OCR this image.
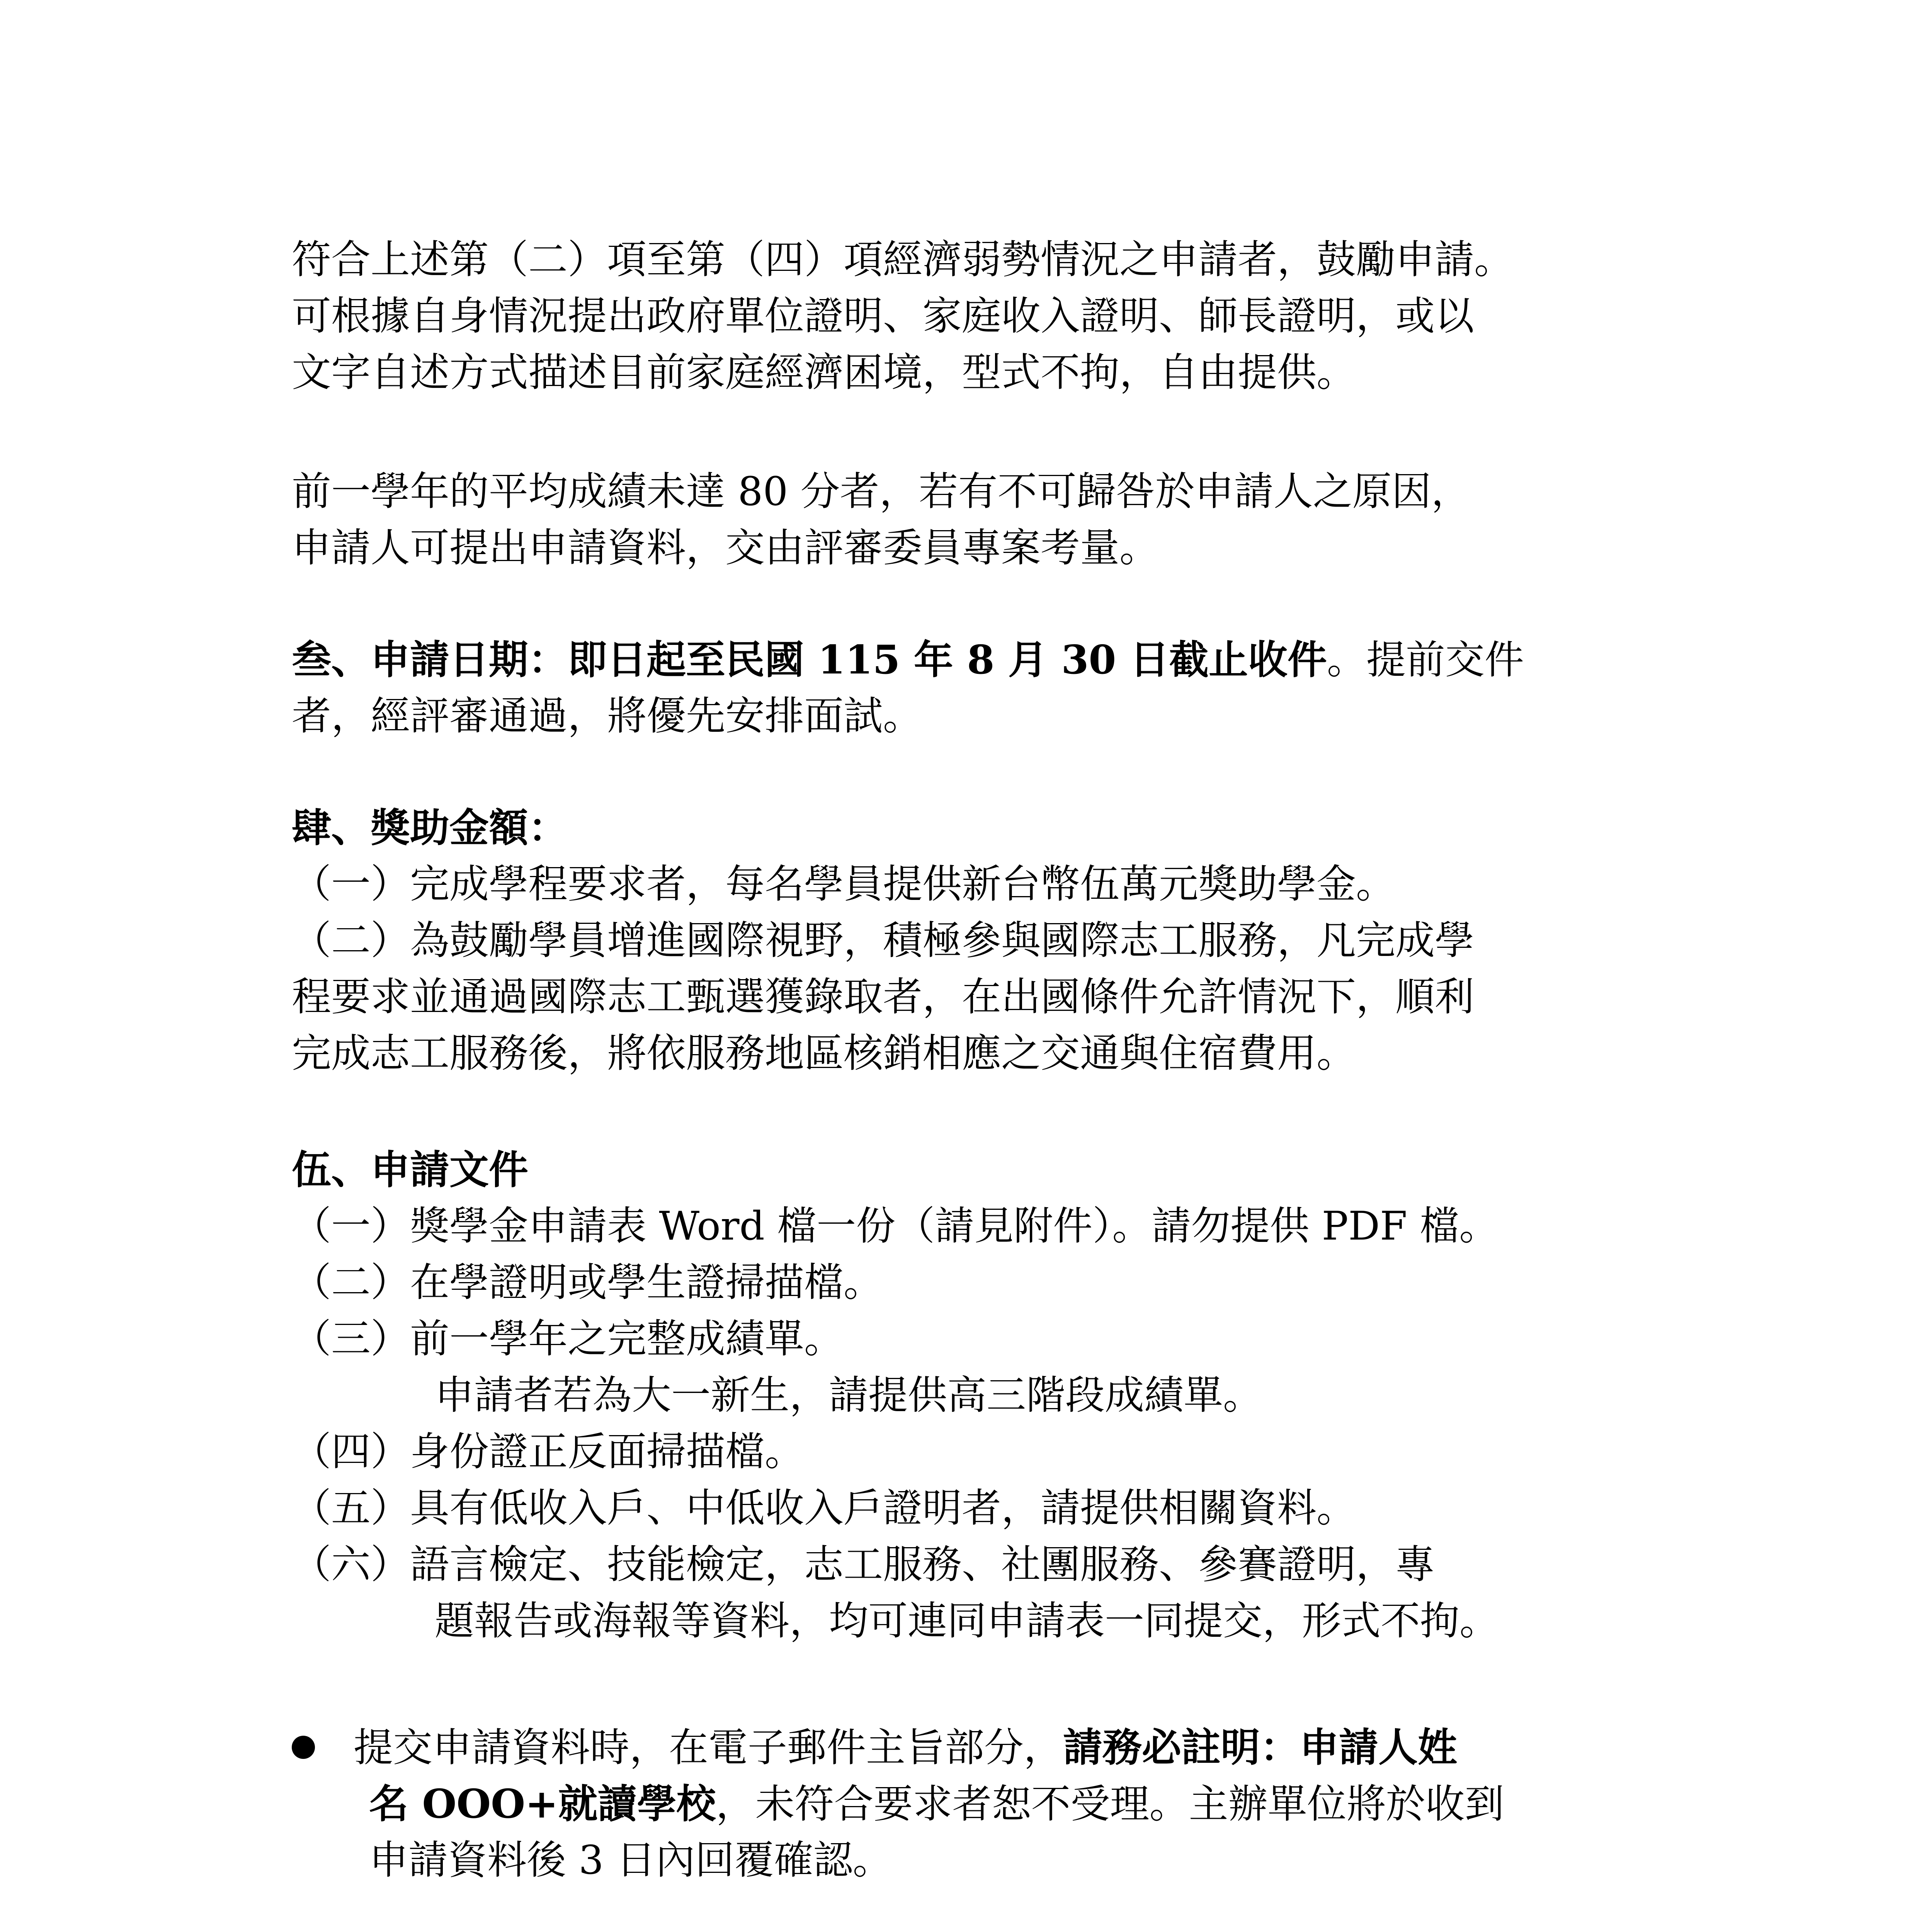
符合上述第（二）項至第（四）項經濟弱勢情況之申請者，鼓勵申請。
可根據自身情況提出政府單位證明、家庭收入證明、師長證明，或以
文字自述方式描述目前家庭經濟困境，型式不拘，自由提供。
前一學年的平均成績未達 80 分者，若有不可歸咎於申請人之原因，
申請人可提出申請資料，交由評審委員專案考量。
叁、申請日期：即日起至民國 115 年 8 月 30 日截止收件。提前交件
者，經評審通過，將優先安排面試。
肆、獎助金額：
（一）完成學程要求者，每名學員提供新台幣伍萬元獎助學金。
（二）為鼓勵學員增進國際視野，積極參與國際志工服務，凡完成學
程要求並通過國際志工甄選獲錄取者，在出國條件允許情況下，順利
完成志工服務後，將依服務地區核銷相應之交通與住宿費用。
伍、申請文件
（一）獎學金申請表 Word 檔一份（請見附件）。請勿提供 PDF 檔。
（二）在學證明或學生證掃描檔。
（三）前一學年之完整成績單。
申請者若為大一新生，請提供高三階段成績單。
（四）身份證正反面掃描檔。
（五）具有低收入戶、中低收入戶證明者，請提供相關資料。
（六）語言檢定、技能檢定，志工服務、社團服務、參賽證明，專
題報告或海報等資料，均可連同申請表一同提交，形式不拘。
提交申請資料時，在電子郵件主旨部分，請務必註明：申請人姓
名 OOO+就讀學校，未符合要求者恕不受理。主辦單位將於收到
申請資料後 3 日內回覆確認。
